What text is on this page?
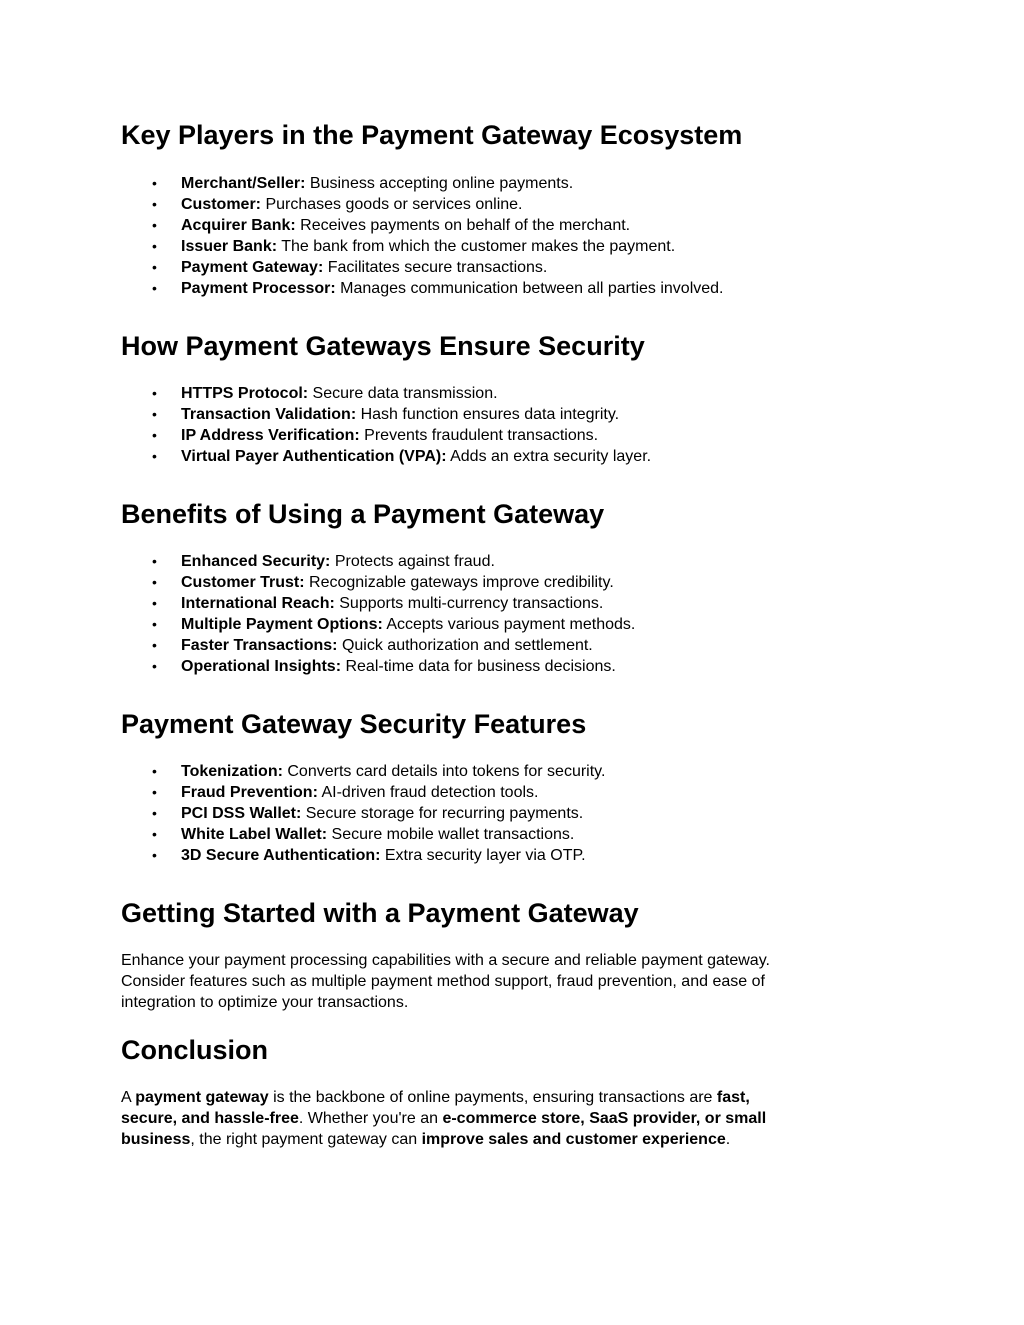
Key Players in the Payment Gateway Ecosystem
• Merchant/Seller: Business accepting online payments.
• Customer: Purchases goods or services online.
• Acquirer Bank: Receives payments on behalf of the merchant.
• Issuer Bank: The bank from which the customer makes the payment.
• Payment Gateway: Facilitates secure transactions.
• Payment Processor: Manages communication between all parties involved.
How Payment Gateways Ensure Security
• HTTPS Protocol: Secure data transmission.
• Transaction Validation: Hash function ensures data integrity.
• IP Address Verification: Prevents fraudulent transactions.
• Virtual Payer Authentication (VPA): Adds an extra security layer.
Benefits of Using a Payment Gateway
• Enhanced Security: Protects against fraud.
• Customer Trust: Recognizable gateways improve credibility.
• International Reach: Supports multi-currency transactions.
• Multiple Payment Options: Accepts various payment methods.
• Faster Transactions: Quick authorization and settlement.
• Operational Insights: Real-time data for business decisions.
Payment Gateway Security Features
• Tokenization: Converts card details into tokens for security.
• Fraud Prevention: AI-driven fraud detection tools.
• PCI DSS Wallet: Secure storage for recurring payments.
• White Label Wallet: Secure mobile wallet transactions.
• 3D Secure Authentication: Extra security layer via OTP.
Getting Started with a Payment Gateway

Enhance your payment processing capabilities with a secure and reliable payment gateway.
Consider features such as multiple payment method support, fraud prevention, and ease of
integration to optimize your transactions.

Conclusion

A payment gateway is the backbone of online payments, ensuring transactions are fast,
secure, and hassle-free. Whether you're an e-commerce store, SaaS provider, or small
business, the right payment gateway can improve sales and customer experience.
